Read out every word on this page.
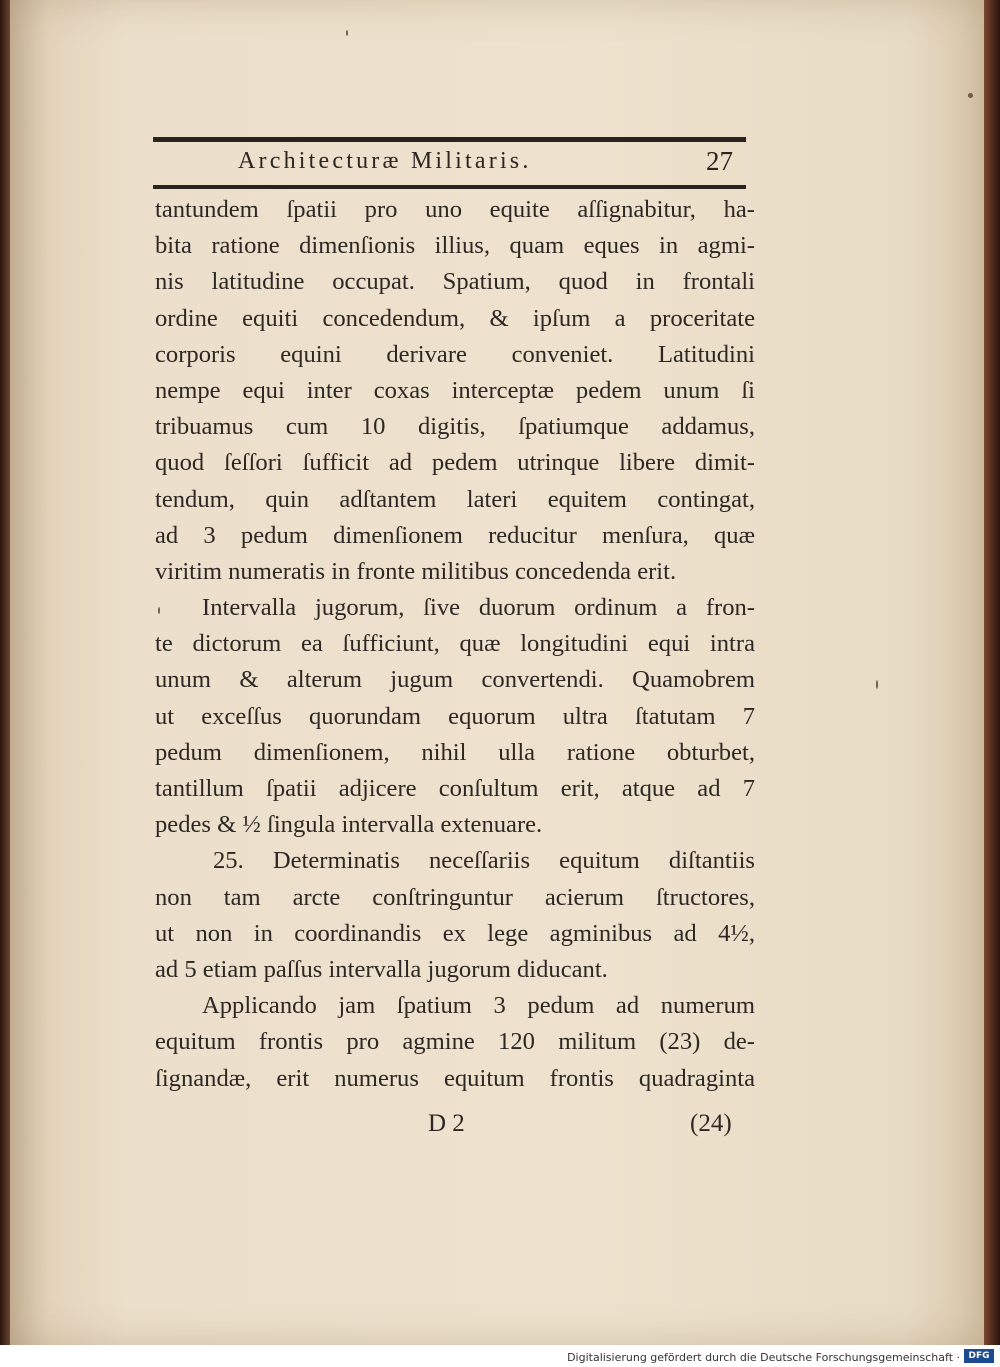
Architecturæ Militaris.	27
tantundem ſpatii pro uno equite aſſignabitur, ha-
bita ratione dimenſionis illius, quam eques in agmi-
nis latitudine occupat. Spatium, quod in frontali
ordine equiti concedendum, & ipſum a proceritate
corporis equini derivare conveniet. Latitudini
nempe equi inter coxas interceptæ pedem unum ſi
tribuamus cum 10 digitis, ſpatiumque addamus,
quod ſeſſori ſufficit ad pedem utrinque libere dimit-
tendum, quin adſtantem lateri equitem contingat,
ad 3 pedum dimenſionem reducitur menſura, quæ
viritim numeratis in fronte militibus concedenda erit.
Intervalla jugorum, ſive duorum ordinum a fron-
te dictorum ea ſufficiunt, quæ longitudini equi intra
unum & alterum jugum convertendi. Quamobrem
ut exceſſus quorundam equorum ultra ſtatutam 7
pedum dimenſionem, nihil ulla ratione obturbet,
tantillum ſpatii adjicere conſultum erit, atque ad 7
pedes & ½ ſingula intervalla extenuare.
25. Determinatis neceſſariis equitum diſtantiis
non tam arcte conſtringuntur acierum ſtructores,
ut non in coordinandis ex lege agminibus ad 4½,
ad 5 etiam paſſus intervalla jugorum diducant.
Applicando jam ſpatium 3 pedum ad numerum
equitum frontis pro agmine 120 militum (23) de-
ſignandæ, erit numerus equitum frontis quadraginta
D 2	(24)
Digitalisierung gefördert durch die Deutsche Forschungsgemeinschaft · DFG
